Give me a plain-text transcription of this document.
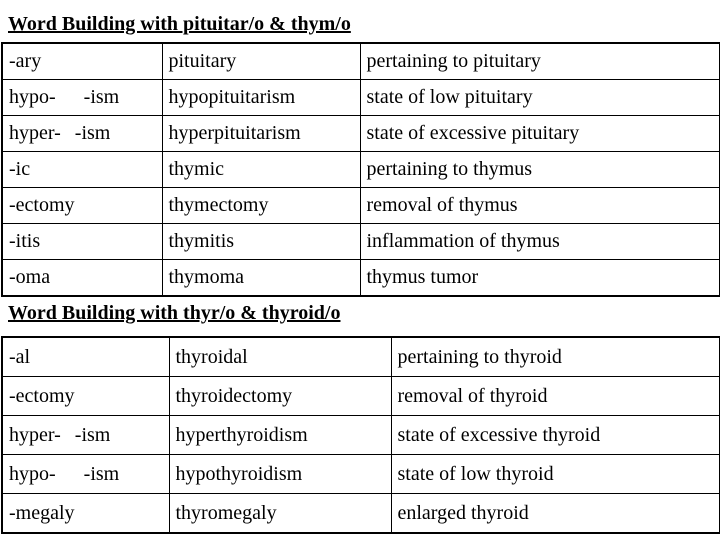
Word Building with pituitar/o & thym/o
-ary	pituitary	pertaining to pituitary
hypo- -ism	hypopituitarism	state of low pituitary
hyper- -ism	hyperpituitarism	state of excessive pituitary
-ic	thymic	pertaining to thymus
-ectomy	thymectomy	removal of thymus
-itis	thymitis	inflammation of thymus
-oma	thymoma	thymus tumor
Word Building with thyr/o & thyroid/o
-al	thyroidal	pertaining to thyroid
-ectomy	thyroidectomy	removal of thyroid
hyper- -ism	hyperthyroidism	state of excessive thyroid
hypo- -ism	hypothyroidism	state of low thyroid
-megaly	thyromegaly	enlarged thyroid
